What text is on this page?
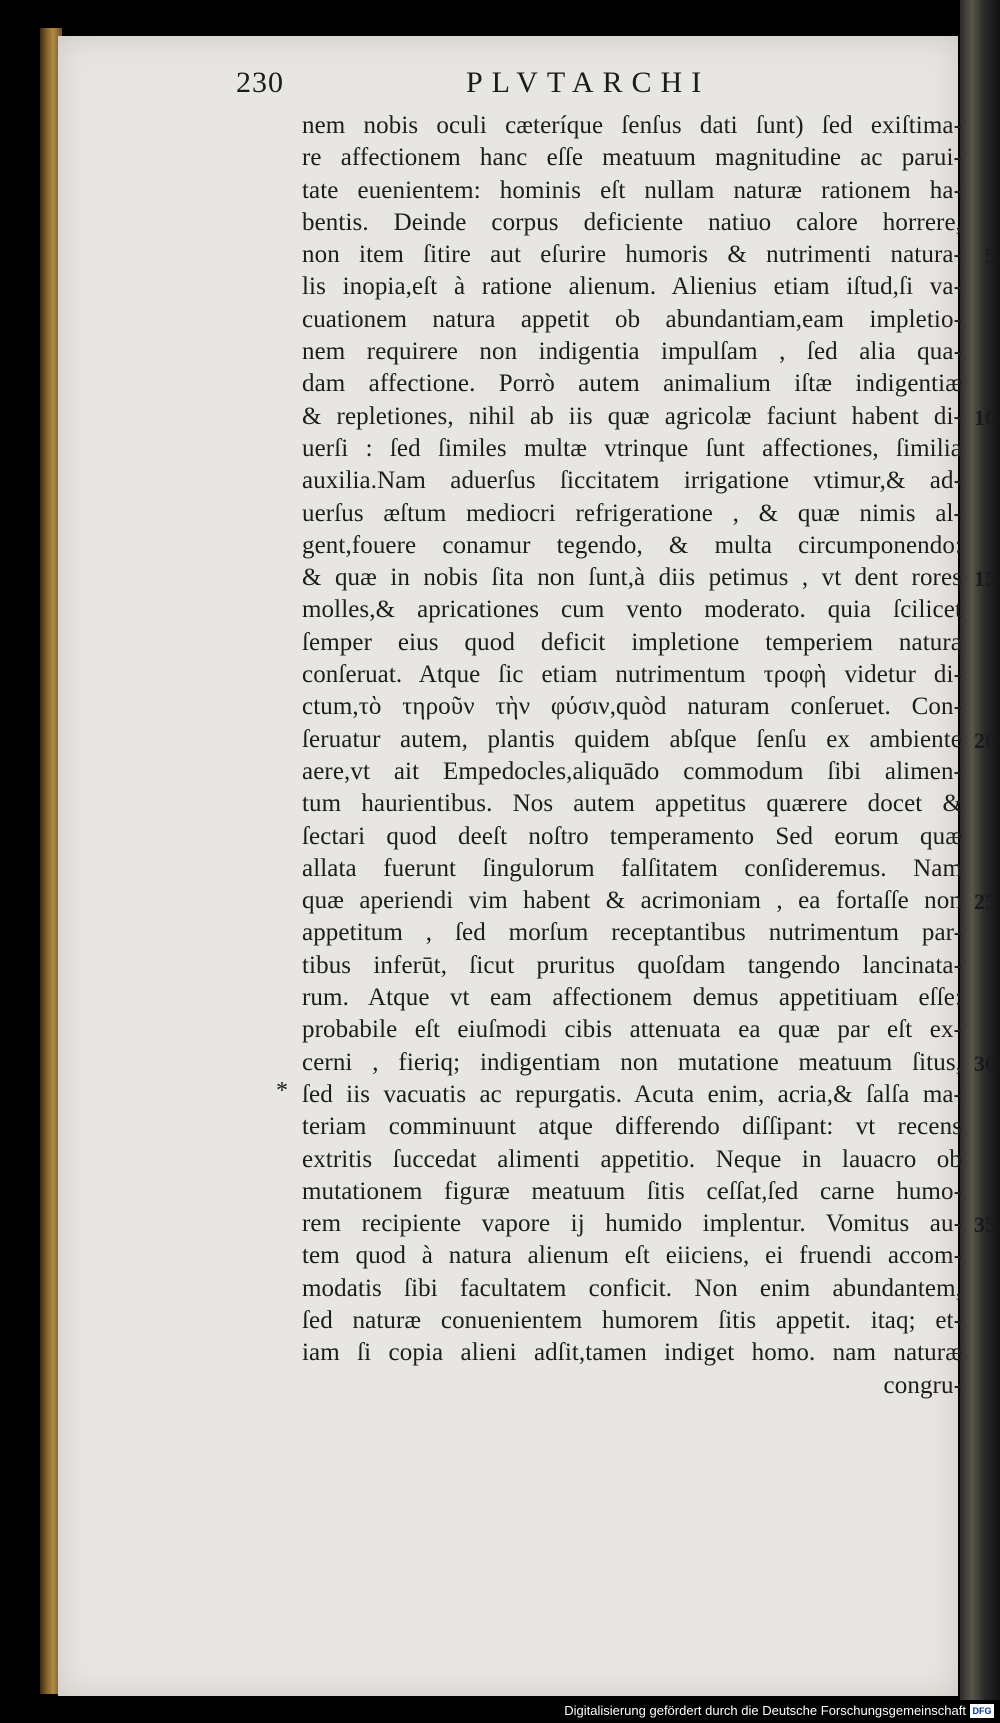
230	PLVTARCHI
nem nobis oculi cæteríque ſenſus dati ſunt) ſed exiſtima-
re affectionem hanc eſſe meatuum magnitudine ac parui-
tate euenientem: hominis eſt nullam naturæ rationem ha-
bentis. Deinde corpus deficiente natiuo calore horrere,
non item ſitire aut eſurire humoris & nutrimenti natura-
lis inopia,eſt à ratione alienum. Alienius etiam iſtud,ſi va-
cuationem natura appetit ob abundantiam,eam impletio-
nem requirere non indigentia impulſam , ſed alia qua-
dam affectione. Porrò autem animalium iſtæ indigentiæ
& repletiones, nihil ab iis quæ agricolæ faciunt habent di-
uerſi : ſed ſimiles multæ vtrinque ſunt affectiones, ſimilia
auxilia.Nam aduerſus ſiccitatem irrigatione vtimur,& ad-
uerſus æſtum mediocri refrigeratione , & quæ nimis al-
gent,fouere conamur tegendo, & multa circumponendo:
& quæ in nobis ſita non ſunt,à diis petimus , vt dent rores
molles,& apricationes cum vento moderato. quia ſcilicet
ſemper eius quod deficit impletione temperiem natura
conſeruat. Atque ſic etiam nutrimentum τροφὴ videtur di-
ctum,τὸ τηροῦν τὴν φύσιν,quòd naturam conſeruet. Con-
ſeruatur autem, plantis quidem abſque ſenſu ex ambiente
aere,vt ait Empedocles,aliquādo commodum ſibi alimen-
tum haurientibus. Nos autem appetitus quærere docet &
ſectari quod deeſt noſtro temperamento Sed eorum quæ
allata fuerunt ſingulorum falſitatem conſideremus. Nam
quæ aperiendi vim habent & acrimoniam , ea fortaſſe non
appetitum , ſed morſum receptantibus nutrimentum par-
tibus inferūt, ſicut pruritus quoſdam tangendo lancinata-
rum. Atque vt eam affectionem demus appetitiuam eſſe:
probabile eſt eiuſmodi cibis attenuata ea quæ par eſt ex-
cerni , fieriq; indigentiam non mutatione meatuum ſitus,
ſed iis vacuatis ac repurgatis. Acuta enim, acria,& ſalſa ma-
teriam comminuunt atque differendo diſſipant: vt recens
extritis ſuccedat alimenti appetitio. Neque in lauacro ob
mutationem figuræ meatuum ſitis ceſſat,ſed carne humo-
rem recipiente vapore ij humido implentur. Vomitus au-
tem quod à natura alienum eſt eiiciens, ei fruendi accom-
modatis ſibi facultatem conficit. Non enim abundantem,
ſed naturæ conuenientem humorem ſitis appetit. itaq; et-
iam ſi copia alieni adſit,tamen indiget homo. nam naturæ
congru-
*
5
10
15
20
25
30
35
Digitalisierung gefördert durch die Deutsche Forschungsgemeinschaft DFG
